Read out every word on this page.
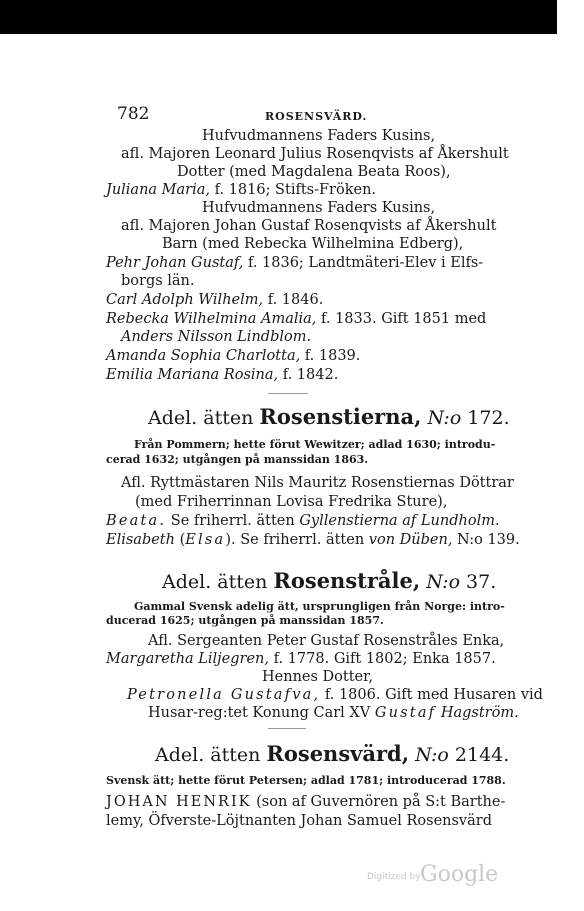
782	ROSENSVÄRD.
Hufvudmannens Faders Kusins,
afl. Majoren Leonard Julius Rosenqvists af Åkershult
Dotter (med Magdalena Beata Roos),
Juliana Maria, f. 1816; Stifts-Fröken.
Hufvudmannens Faders Kusins,
afl. Majoren Johan Gustaf Rosenqvists af Åkershult
Barn (med Rebecka Wilhelmina Edberg),
Pehr Johan Gustaf, f. 1836; Landtmäteri-Elev i Elfs-
borgs län.
Carl Adolph Wilhelm, f. 1846.
Rebecka Wilhelmina Amalia, f. 1833. Gift 1851 med
Anders Nilsson Lindblom.
Amanda Sophia Charlotta, f. 1839.
Emilia Mariana Rosina, f. 1842.
Adel. ätten Rosenstierna, N:o 172.
Från Pommern; hette förut Wewitzer; adlad 1630; introdu-
cerad 1632; utgången på manssidan 1863.
Afl. Ryttmästaren Nils Mauritz Rosenstiernas Döttrar
(med Friherrinnan Lovisa Fredrika Sture),
Beata. Se friherrl. ätten Gyllenstierna af Lundholm.
Elisabeth (Elsa). Se friherrl. ätten von Düben, N:o 139.
Adel. ätten Rosenstråle, N:o 37.
Gammal Svensk adelig ätt, ursprungligen från Norge: intro-
ducerad 1625; utgången på manssidan 1857.
Afl. Sergeanten Peter Gustaf Rosenstråles Enka,
Margaretha Liljegren, f. 1778. Gift 1802; Enka 1857.
Hennes Dotter,
Petronella Gustafva, f. 1806. Gift med Husaren vid
Husar-reg:tet Konung Carl XV Gustaf Hagström.
Adel. ätten Rosensvärd, N:o 2144.
Svensk ätt; hette förut Petersen; adlad 1781; introducerad 1788.
JOHAN HENRIK (son af Guvernören på S:t Barthe-
lemy, Öfverste-Löjtnanten Johan Samuel Rosensvärd
Digitized by Google
